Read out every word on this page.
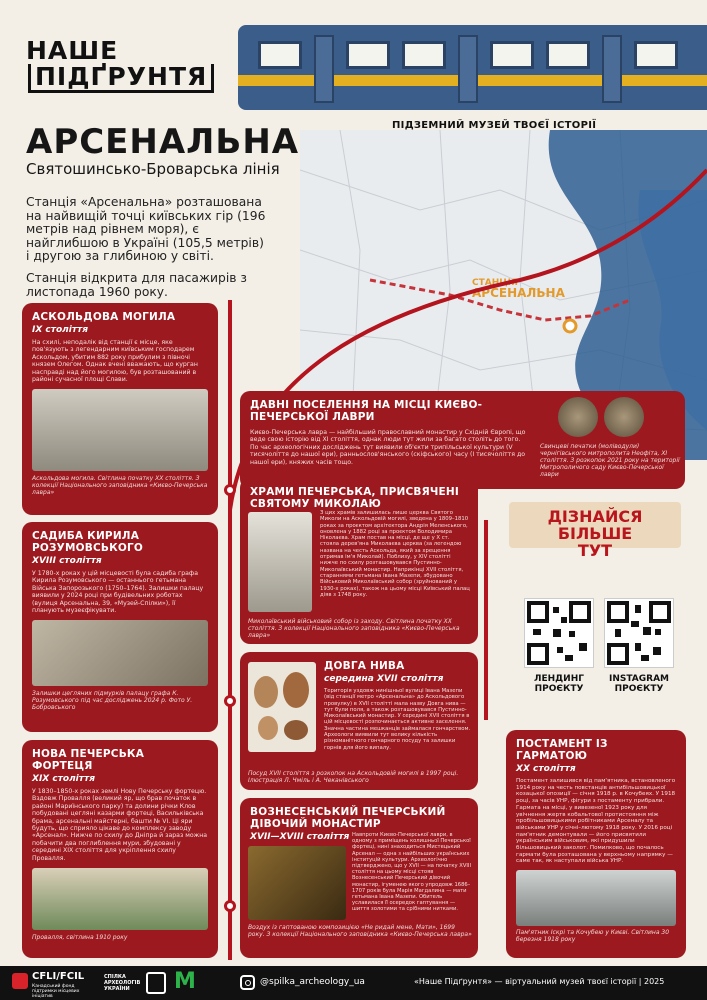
НАШЕ
ПІДҐРУНТЯ
СТАНЦІЯ
АРСЕНАЛЬНА
АРСЕНАЛЬНА
Святошинсько-Броварська лінія
ПІДЗЕМНИЙ МУЗЕЙ ТВОЄЇ ІСТОРІЇ

Станція «Арсенальна» розташована на найвищій точці київських гір (196 метрів над рівнем моря), є найглибшою в Україні (105,5 метрів) і другою за глибиною у світі.

Станція відкрита для пасажирів з листопада 1960 року.

АСКОЛЬДОВА МОГИЛА
IX століття
На схилі, неподалік від станції є місце, яке пов'язують з легендарним київським господарем Аскольдом, убитим 882 року прибулим з півночі князем Олегом. Однак вчені вважають, що курган насправді над його могилою, був розташований в районі сучасної площі Слави.
Аскольдова могила. Світлина початку XX століття. З колекції Національного заповідника «Києво-Печерська лавра»
ДАВНІ ПОСЕЛЕННЯ НА МІСЦІ КИЄВО-ПЕЧЕРСЬКОЇ ЛАВРИ
Києво-Печерська лавра — найбільший православний монастир у Східній Європі, що веде свою історію від XI століття, однак люди тут жили за багато століть до того. По час археологічних досліджень тут виявили об'єкти трипільської культури (V тисячоліття до нашої ери), ранньослов'янського (скіфського) часу (I тисячоліття до нашої ери), княжих часів тощо.
Свинцеві печатки (моліводули) чернігівського митрополита Неофіта, XI століття. З розкопок 2021 року на території Митрополичого саду Києво-Печерської лаври
САДИБА КИРИЛА РОЗУМОВСЬКОГО
XVIII століття
У 1780-х роках у цій місцевості була садиба графа Кирила Розумовського — останнього гетьмана Війська Запорозького (1750–1764). Залишки палацу виявили у 2024 році при будівельних роботах (вулиця Арсенальна, 39, «Музей-Спілки»), її планують музеєфікувати.
Залишки цегляних підмурків палацу графа К. Розумовського під час досліджень 2024 р. Фото У. Бобровського
ХРАМИ ПЕЧЕРСЬКА, ПРИСВЯЧЕНІ СВЯТОМУ МИКОЛАЮ
З цих храмів залишилась лише церква Святого Миколи на Аскольдовій могилі, зведена у 1809–1810 роках за проєктом архітектора Андрія Меленського, оновлена у 1882 році за проєктом Володимира Ніколаєва. Храм постав на місці, де ще у X ст. стояла дерев'яна Миколаєва церква (за легендою названа на честь Аскольда, який за хрещення отримав ім'я Миколай). Поблизу, у XIV столітті нижче по схилу розташовувався Пустинно-Миколаївський монастир. Наприкінці XVII століття, стараннями гетьмана Івана Мазепи, збудовано Військовий Миколаївський собор (зруйнований у 1930-х роках), також на цьому місці Київський палац діяв з 1748 року.
Миколаївський військовий собор із заходу. Світлина початку XX століття. З колекції Національного заповідника «Києво-Печерська лавра»
ДОВГА НИВА
середина XVII століття
Територія уздовж нинішньої вулиці Івана Мазепи (від станції метро «Арсенальна» до Аскольдового провулку) в XVII столітті мала назву Довга нива — тут були поля, а також розташовувався Пустинно-Миколаївський монастир. У середині XVII століття в цій місцевості розпочинається активне заселення. Значна частина мешканців займалася гончарством. Археологи виявили тут велику кількість різноманітного гончарного посуду та залишки горнів для його випалу.
Посуд XVII століття з розкопок на Аскольдовій могилі в 1997 році. Ілюстрація Л. Чміль і А. Чеканівського
НОВА ПЕЧЕРСЬКА ФОРТЕЦЯ
XIX століття
У 1830–1850-х роках землі Нову Печерську фортецю. Вздовж Провалля (великий яр, що брав початок в районі Мариїнського парку) та долини річки Клов побудовані цегляні казарми фортеці, Васильківська брама, арсенальні майстерні, башти № VI. Ці яри будуть, що сприяло цікаве до комплексу заводу «Арсенал». Нижче по схилу до Дніпра й зараз можна побачити два поглиблення мури, збудовані у середині XIX століття для укріплення схилу Провалля.
Провалля, світлина 1910 року
ВОЗНЕСЕНСЬКИЙ ПЕЧЕРСЬКИЙ ДІВОЧИЙ МОНАСТИР
XVII—XVIII століття Навпроти Києво-Печерської лаври, в одному з приміщень колишньої Печерської фортеці, нині знаходиться Мистецький Арсенал — одна з найбільших українських інституцій культури. Археологічно підтверджено, що у XVII — на початку XVIII століття на цьому місці стояв Вознесенський Печерський дівочий монастир, ігуменею якого упродовж 1686–1707 років була Марія Магдалина — мати гетьмана Івана Мазепи. Обитель уславилася її осередок гаптування — шиття золотими та срібними нитками.
Воздух із гаптованою композицією «Не ридай мене, Мати», 1699 року. З колекції Національного заповідника «Києво-Печерська лавра»
ДІЗНАЙСЯ БІЛЬШЕ
ТУТ
ЛЕНДИНГ
ПРОЄКТУ
INSTAGRAM
ПРОЄКТУ
ПОСТАМЕНТ ІЗ ГАРМАТОЮ
XX століття
Постамент залишився від пам'ятника, встановленого 1914 року на честь повстанців антибільшовицької козацької опозиції — січня 1918 р. в Кочубеях. У 1918 році, за часів УНР, фігури з постаменту прибрали. Гармата на місці, у вивезеної 1923 року для увічнення жертв кобальтової протистояння між пробільшовицькими робітниками Арсеналу та військами УНР у січні–лютому 1918 року. У 2016 році пам'ятник демонтували — його присвятили українським військовим, які придушили більшовицький заколот. Помилково, що почалось гармати була розташована у верхньому напрямку — саме так, як наступали війська УНР.
Пам'ятник Іскрі та Кочубею у Києві. Світлина 30 березня 1918 року
CFLI/FCIL
Канадський фонд підтримки місцевих ініціатив
СПІЛКА АРХЕОЛОГІВ УКРАЇНИ	M	@spilka_archeology_ua	«Наше Підґрунтя» — віртуальний музей твоєї історії | 2025
